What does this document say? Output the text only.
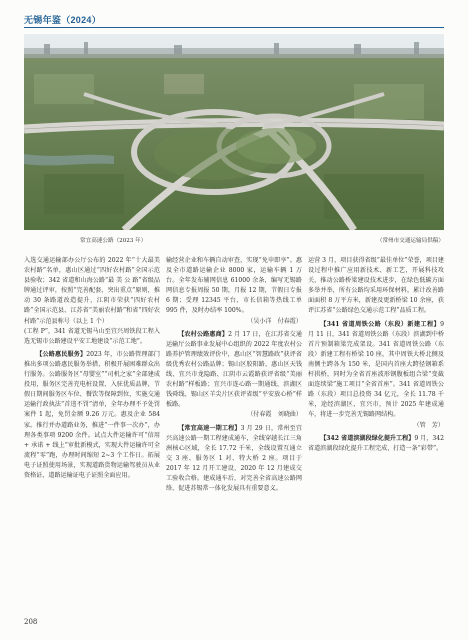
无锡年鉴（2024）
常宜高速公路（2023 年）	（常州市交通运输局供稿）

入选交通运输部办公厅公布的 2022 年“十大最美农村路”名单，惠山区通过“四好农村路”全国示范县验收；342 省道和山海公路“最 美 公 路”省级品牌通过评审，按照“完善配套、突出重点”原则，推动 30 条路道改造提升，江阴市荣获“四好农村路”全国示范县、江苏省“美丽农村路”和省“四好农村路”示范县称号（以上 1 个）

(工程 P”，341 省道无锡马山至宜兴周铁段工程入选无锡市公路建设平安工地建设“示范工地”。

【公路惠民服务】2023 年，市公路管理部门推出多项公路惠民服务举措，积极开展困难群众出行服务。公路服务区“母婴室”“司机之家”全部建成投用，服务区完善充电桩设置、入驻优质品牌，节假日期间服务区车位、餐饮等保障到位，实施交通运输行政执法“首违不罚”清单，全年办理不予处罚案件 1 起，免罚金额 9.26 万元。惠及企业 584 家。推行并办道路业务，推进“一件事一次办”，办理各类事项 9200 余件。试点大件运输许可“信用 + 承诺 + 线上”审批新模式，实现大件运输许可全流程“零”跑，办理时间缩短 2~3 个工作日。拓展电子证照使用场景，实现道路货物运输驾驶员从业资格证、道路运输证电子证照全面应用。

输经营企业和车辆自动审查，实现“免申即享”。惠及全市道路运输企业 8000 家，运输车辆 1 万台。全年发布辅网信息 61000 余条，编写无锡路网信息专报周报 50 期，月报 12 期，节假日专报 6 期；受理 12345 平台、市长信箱等热线工单 995 件，及时办结率 100%。

（吴小洋　付春霞）

【农村公路惠商】2 月 17 日，在江苏省交通运输厅公路事业发展中心组织的 2022 年度农村公路养护管理绩效评价中，惠山区“智慧路政”获评省级优秀农村公路品牌；锡山区胶阳路、惠山区天钱线、宜兴市龙隐路、江阴市云霞路获评省级“美丽农村路”样板路；宜兴市连心路一期通线、滨湖区钱舜线、锡山区羊尖片区获评省级“平安放心桥”样板路。

（付春霞　刘晓曲）

【常宜高速一期工程】3 月 29 日，常州至宜兴高速公路一期工程建成通车，全线穿越长江三角洲核心区域，全长 17.72 千米，全线设置互通立交 3 座、服务区 1 对、特大桥 2 座。项目于 2017 年 12 月开工建设，2020 年 12 月建成交工验收合格。建成通车后，对完善全省高速公路网络、促进苏锡常一体化发展具有重要意义。

运营 3 月，项目获得省级“最佳单位”荣誉，项目建设过程中推广应用新技术、新工艺，开展科技攻关，推动公路桥梁建设技术进步，在绿色低碳方面多举并举，所有公路均采用环保材料，累计改善路面面积 8 万平方米，新建及更新桥梁 10 余座，获评江苏省“公路绿色交通示范工程”品质工程。

【341 省道周铁公路（东段）新建工程】9 月 11 日，341 省道周铁公路（东段）滨湖到中桥首片预制箱梁完成架设。341 省道周铁公路（东段）新建工程有桥梁 10 座，其中周铁大桥北侧及南侧主跨各为 150 米，是国内首座大跨径钢箱系杆拱桥，同时为全省首座波形钢腹板组合梁“变截面连续梁”施工项目“全省首座”。341 省道周铁公路（东段）项目总投资 34 亿元，全长 11.78 千米，途经滨湖区、宜兴市，预计 2025 年建成通车，将进一步完善无锡路网结构。

（管　芳）

【342 省道滨湖段绿化提升工程】9 月，342 省道滨湖段绿化提升工程完成，打造一条“彩带”。

208
